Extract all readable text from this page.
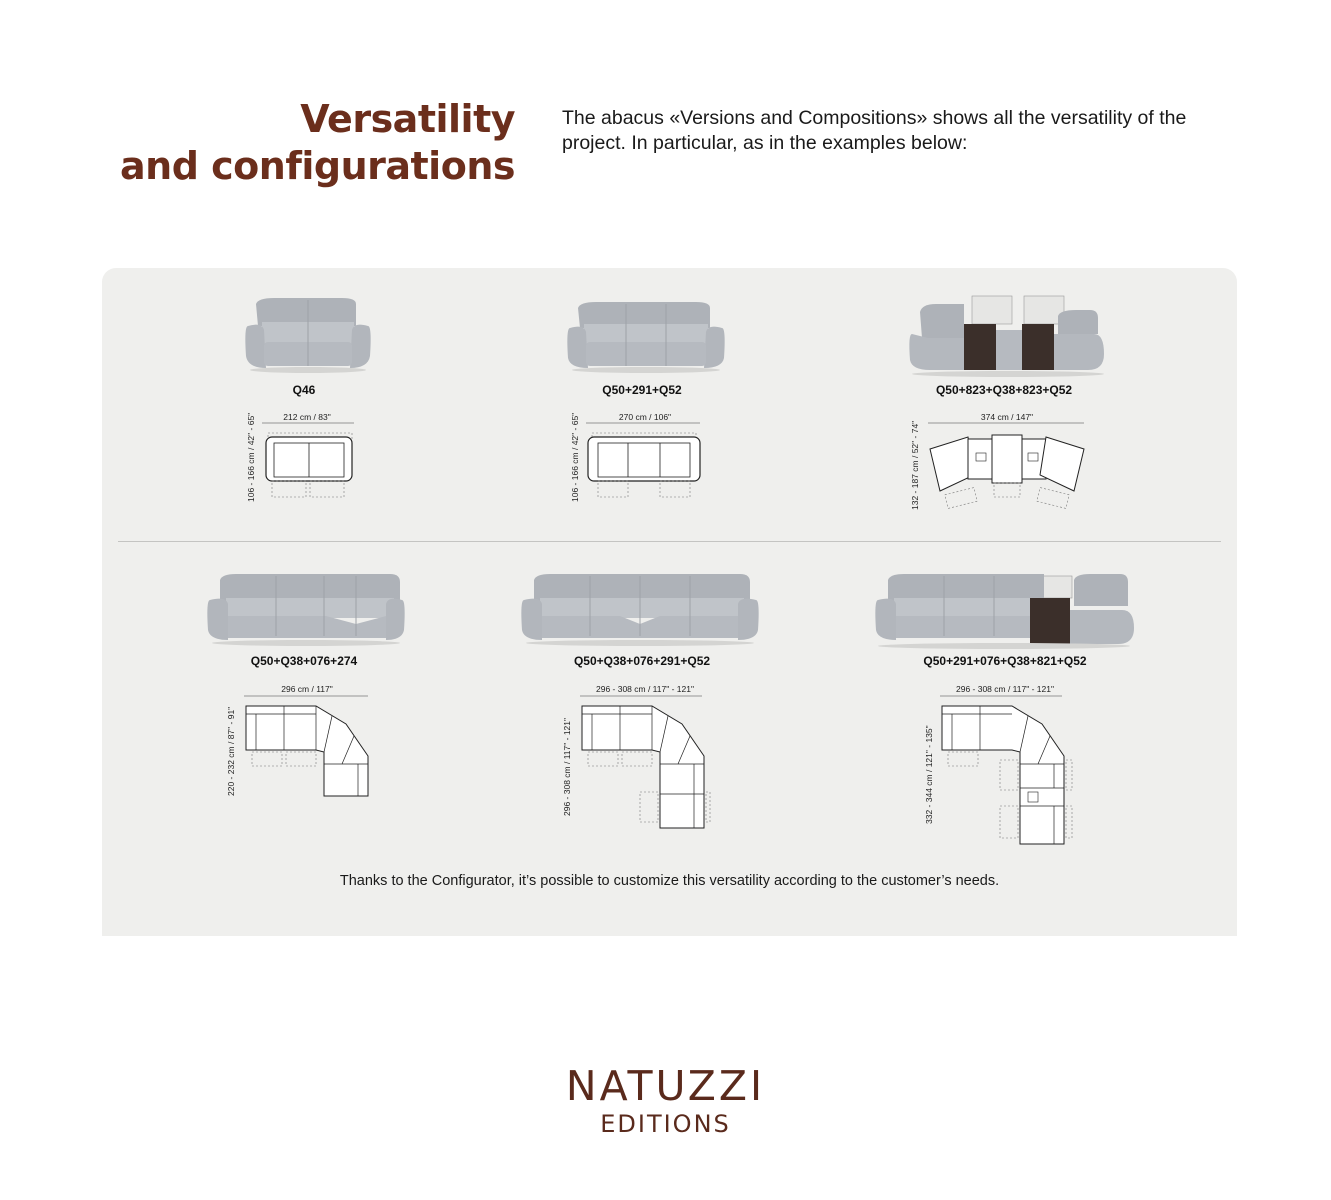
Versatility
and configurations
The abacus «Versions and Compositions» shows all the versatility of the project. In particular, as in the examples below:
Q46
212 cm / 83"
106 - 166 cm / 42" - 65"
Q50+291+Q52
270 cm / 106"
106 - 166 cm / 42" - 65"
Q50+823+Q38+823+Q52
374 cm / 147"
132 - 187 cm / 52" - 74"
Q50+Q38+076+274
296 cm / 117"
220 - 232 cm / 87" - 91"
Q50+Q38+076+291+Q52
296 - 308 cm / 117" - 121"
296 - 308 cm / 117" - 121"
Q50+291+076+Q38+821+Q52
296 - 308 cm / 117" - 121"
332 - 344 cm / 121" - 135"
Thanks to the Configurator, it’s possible to customize this versatility according to the customer’s needs.
NATUZZI
EDITIONS
